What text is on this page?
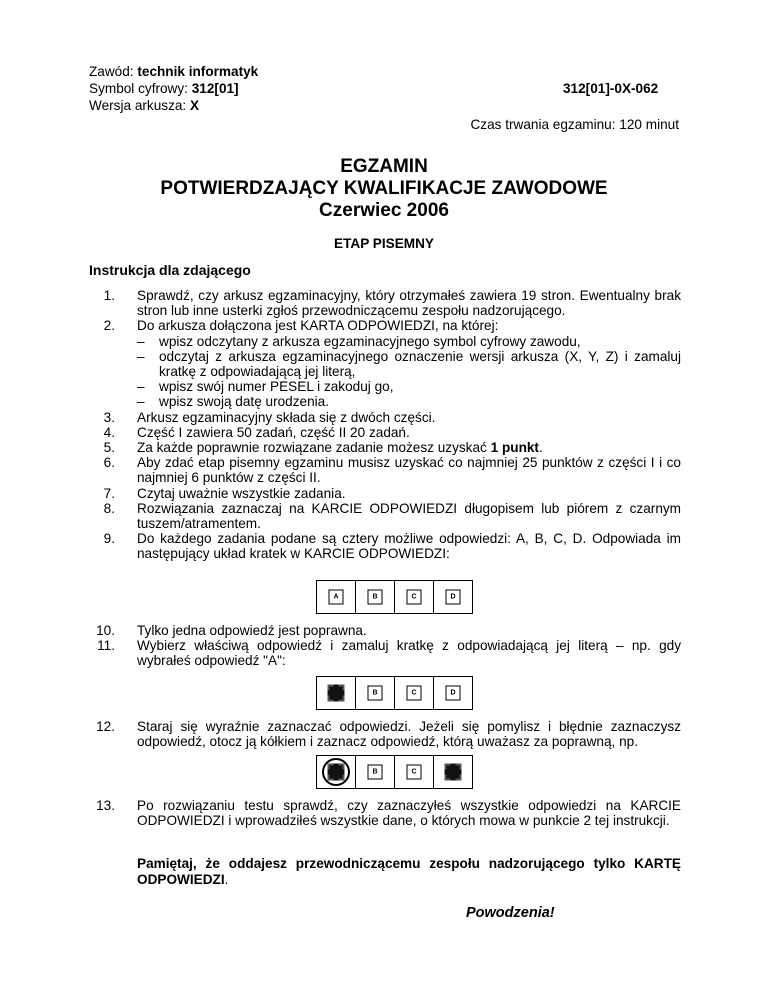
Zawód: technik informatyk
Symbol cyfrowy: 312[01]
Wersja arkusza: X
312[01]-0X-062
Czas trwania egzaminu: 120 minut
EGZAMIN
POTWIERDZAJĄCY KWALIFIKACJE ZAWODOWE
Czerwiec 2006
ETAP PISEMNY
Instrukcja dla zdającego
1. Sprawdź, czy arkusz egzaminacyjny, który otrzymałeś zawiera 19 stron. Ewentualny brak stron lub inne usterki zgłoś przewodniczącemu zespołu nadzorującego.
2. Do arkusza dołączona jest KARTA ODPOWIEDZI, na której:
– wpisz odczytany z arkusza egzaminacyjnego symbol cyfrowy zawodu,
– odczytaj z arkusza egzaminacyjnego oznaczenie wersji arkusza (X, Y, Z) i zamaluj kratkę z odpowiadającą jej literą,
– wpisz swój numer PESEL i zakoduj go,
– wpisz swoją datę urodzenia.
3. Arkusz egzaminacyjny składa się z dwóch części.
4. Część I zawiera 50 zadań, część II 20 zadań.
5. Za każde poprawnie rozwiązane zadanie możesz uzyskać 1 punkt.
6. Aby zdać etap pisemny egzaminu musisz uzyskać co najmniej 25 punktów z części I i co najmniej 6 punktów z części II.
7. Czytaj uważnie wszystkie zadania.
8. Rozwiązania zaznaczaj na KARCIE ODPOWIEDZI długopisem lub piórem z czarnym tuszem/atramentem.
9. Do każdego zadania podane są cztery możliwe odpowiedzi: A, B, C, D. Odpowiada im następujący układ kratek w KARCIE ODPOWIEDZI:
A	B	C	D
10. Tylko jedna odpowiedź jest poprawna.
11. Wybierz właściwą odpowiedź i zamaluj kratkę z odpowiadającą jej literą – np. gdy wybrałeś odpowiedź "A":
B	C	D
12. Staraj się wyraźnie zaznaczać odpowiedzi. Jeżeli się pomylisz i błędnie zaznaczysz odpowiedź, otocz ją kółkiem i zaznacz odpowiedź, którą uważasz za poprawną, np.
B	C
13. Po rozwiązaniu testu sprawdź, czy zaznaczyłeś wszystkie odpowiedzi na KARCIE ODPOWIEDZI i wprowadziłeś wszystkie dane, o których mowa w punkcie 2 tej instrukcji.
Pamiętaj, że oddajesz przewodniczącemu zespołu nadzorującego tylko KARTĘ ODPOWIEDZI.
Powodzenia!
